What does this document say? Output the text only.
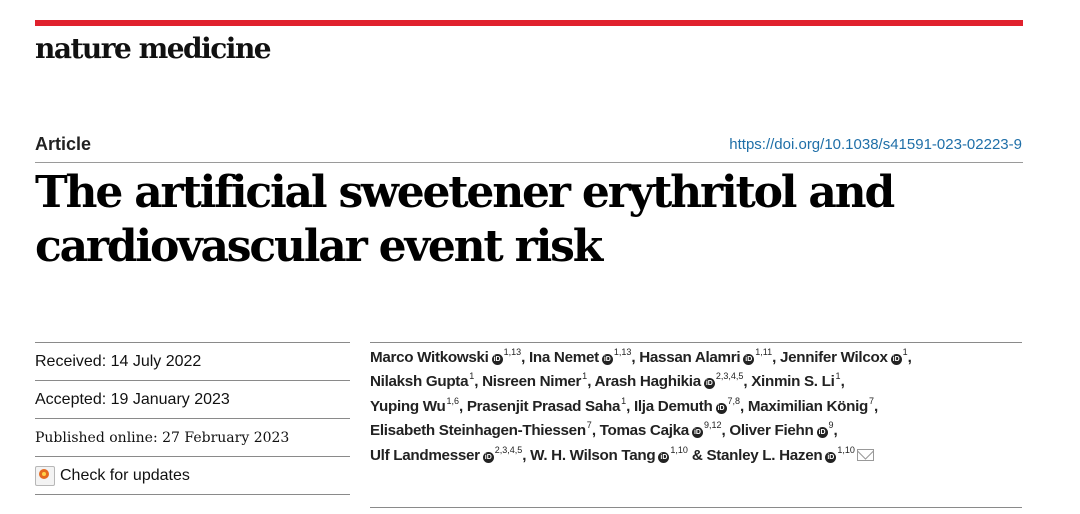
nature medicine
Article	https://doi.org/10.1038/s41591-023-02223-9
The artificial sweetener erythritol and cardiovascular event risk
Received: 14 July 2022
Accepted: 19 January 2023
Published online: 27 February 2023
Check for updates
Marco Witkowski iD$^{1,13}$, Ina Nemet iD$^{1,13}$, Hassan Alamri iD$^{1,11}$, Jennifer Wilcox $iD^1$,
Nilaksh Gupta$^1$, Nisreen Nimer$^1$, Arash Haghikia iD$^{2,3,4,5}$, Xinmin S. Li$^1$,
Yuping Wu$^{1,6}$, Prasenjit Prasad Saha$^1$, Ilja Demuth iD$^{7,8}$, Maximilian König$^7$,
Elisabeth Steinhagen-Thiessen$^7$, Tomas Cajka iD$^{9,12}$, Oliver Fiehn $iD^9$,
Ulf Landmesser iD$^{2,3,4,5}$, W. H. Wilson Tang iD$^{1,10}$ & Stanley L. Hazen iD$^{1,10}$
